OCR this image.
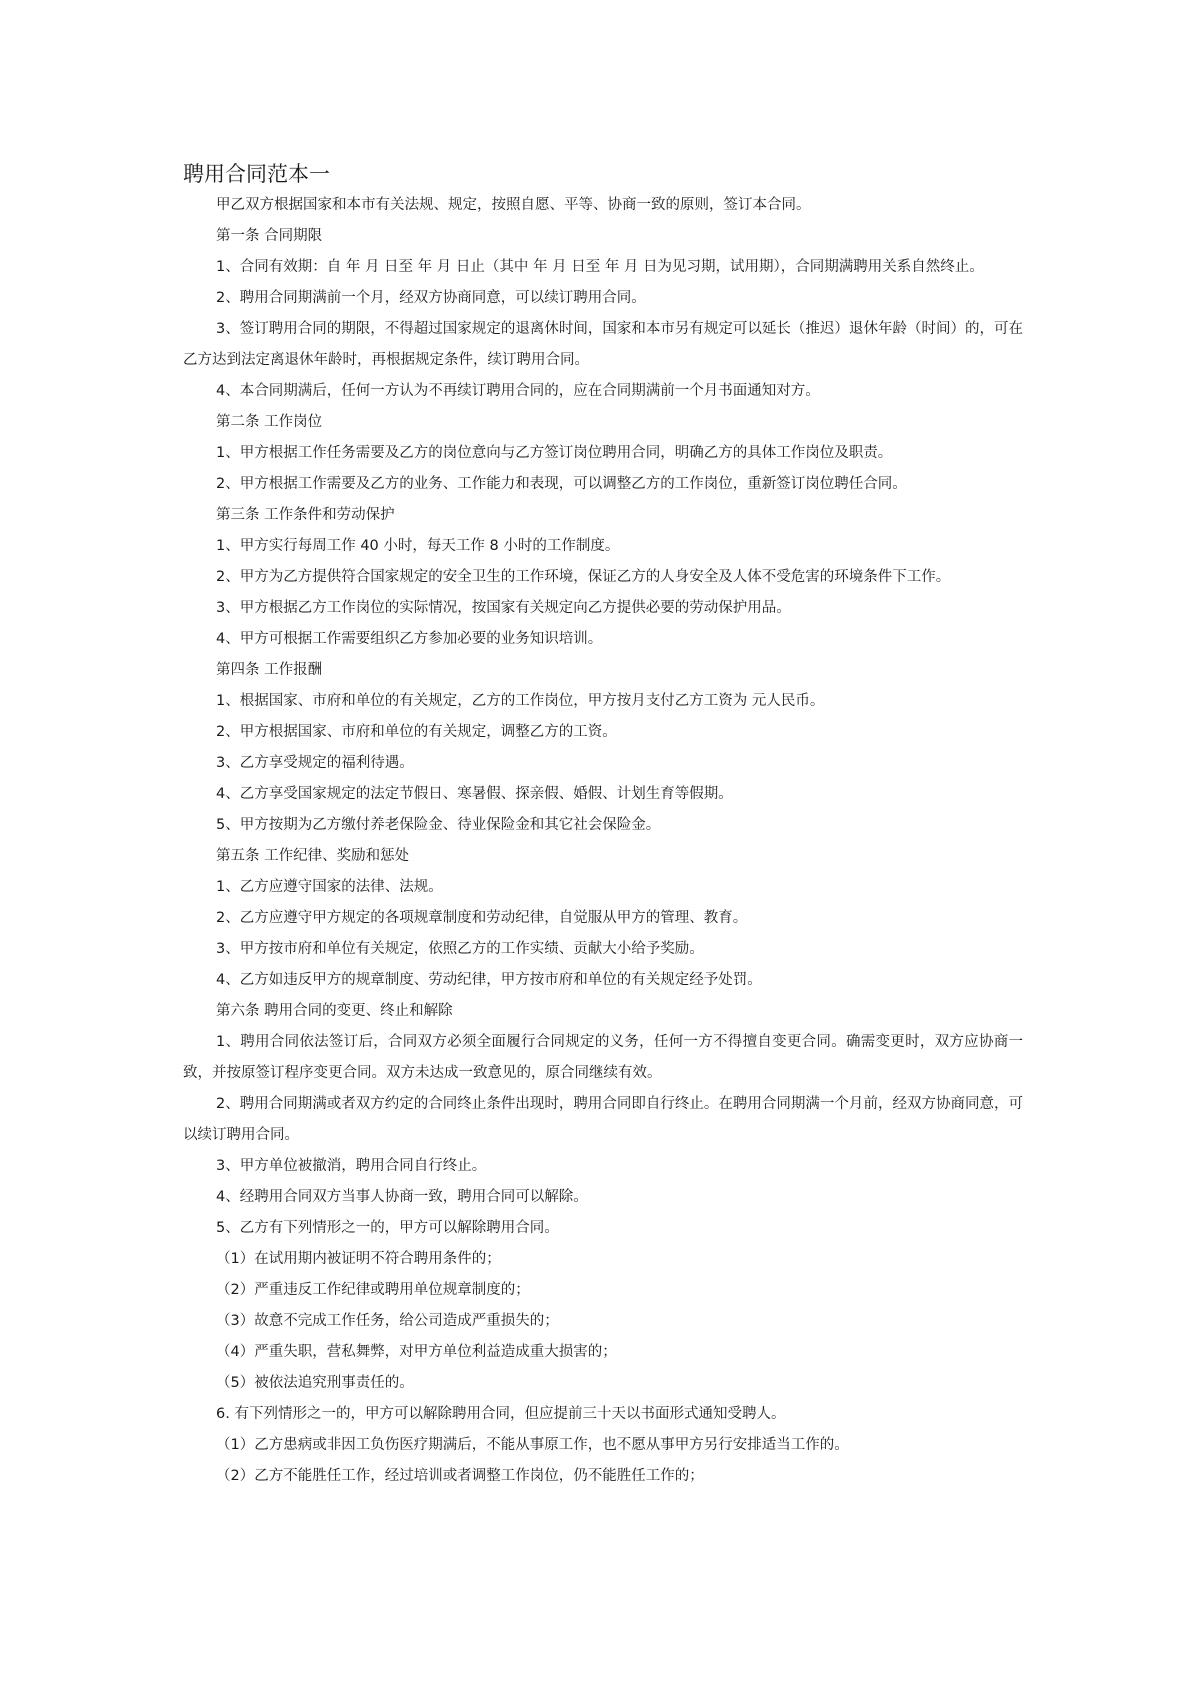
聘用合同范本一

甲乙双方根据国家和本市有关法规、规定，按照自愿、平等、协商一致的原则，签订本合同。

第一条 合同期限

1、合同有效期：自 年 月 日至 年 月 日止（其中 年 月 日至 年 月 日为见习期，试用期），合同期满聘用关系自然终止。

2、聘用合同期满前一个月，经双方协商同意，可以续订聘用合同。

3、签订聘用合同的期限，不得超过国家规定的退离休时间，国家和本市另有规定可以延长（推迟）退休年龄（时间）的，可在乙方达到法定离退休年龄时，再根据规定条件，续订聘用合同。

4、本合同期满后，任何一方认为不再续订聘用合同的，应在合同期满前一个月书面通知对方。

第二条 工作岗位

1、甲方根据工作任务需要及乙方的岗位意向与乙方签订岗位聘用合同，明确乙方的具体工作岗位及职责。

2、甲方根据工作需要及乙方的业务、工作能力和表现，可以调整乙方的工作岗位，重新签订岗位聘任合同。

第三条 工作条件和劳动保护

1、甲方实行每周工作 40 小时，每天工作 8 小时的工作制度。

2、甲方为乙方提供符合国家规定的安全卫生的工作环境，保证乙方的人身安全及人体不受危害的环境条件下工作。

3、甲方根据乙方工作岗位的实际情况，按国家有关规定向乙方提供必要的劳动保护用品。

4、甲方可根据工作需要组织乙方参加必要的业务知识培训。

第四条 工作报酬

1、根据国家、市府和单位的有关规定，乙方的工作岗位，甲方按月支付乙方工资为 元人民币。

2、甲方根据国家、市府和单位的有关规定，调整乙方的工资。

3、乙方享受规定的福利待遇。

4、乙方享受国家规定的法定节假日、寒暑假、探亲假、婚假、计划生育等假期。

5、甲方按期为乙方缴付养老保险金、待业保险金和其它社会保险金。

第五条 工作纪律、奖励和惩处

1、乙方应遵守国家的法律、法规。

2、乙方应遵守甲方规定的各项规章制度和劳动纪律，自觉服从甲方的管理、教育。

3、甲方按市府和单位有关规定，依照乙方的工作实绩、贡献大小给予奖励。

4、乙方如违反甲方的规章制度、劳动纪律，甲方按市府和单位的有关规定经予处罚。

第六条 聘用合同的变更、终止和解除

1、聘用合同依法签订后，合同双方必须全面履行合同规定的义务，任何一方不得擅自变更合同。确需变更时，双方应协商一致，并按原签订程序变更合同。双方未达成一致意见的，原合同继续有效。

2、聘用合同期满或者双方约定的合同终止条件出现时，聘用合同即自行终止。在聘用合同期满一个月前，经双方协商同意，可以续订聘用合同。

3、甲方单位被撤消，聘用合同自行终止。

4、经聘用合同双方当事人协商一致，聘用合同可以解除。

5、乙方有下列情形之一的，甲方可以解除聘用合同。

（1）在试用期内被证明不符合聘用条件的；

（2）严重违反工作纪律或聘用单位规章制度的；

（3）故意不完成工作任务，给公司造成严重损失的；

（4）严重失职，营私舞弊，对甲方单位利益造成重大损害的；

（5）被依法追究刑事责任的。

6. 有下列情形之一的，甲方可以解除聘用合同，但应提前三十天以书面形式通知受聘人。

（1）乙方患病或非因工负伤医疗期满后，不能从事原工作，也不愿从事甲方另行安排适当工作的。

（2）乙方不能胜任工作，经过培训或者调整工作岗位，仍不能胜任工作的；
